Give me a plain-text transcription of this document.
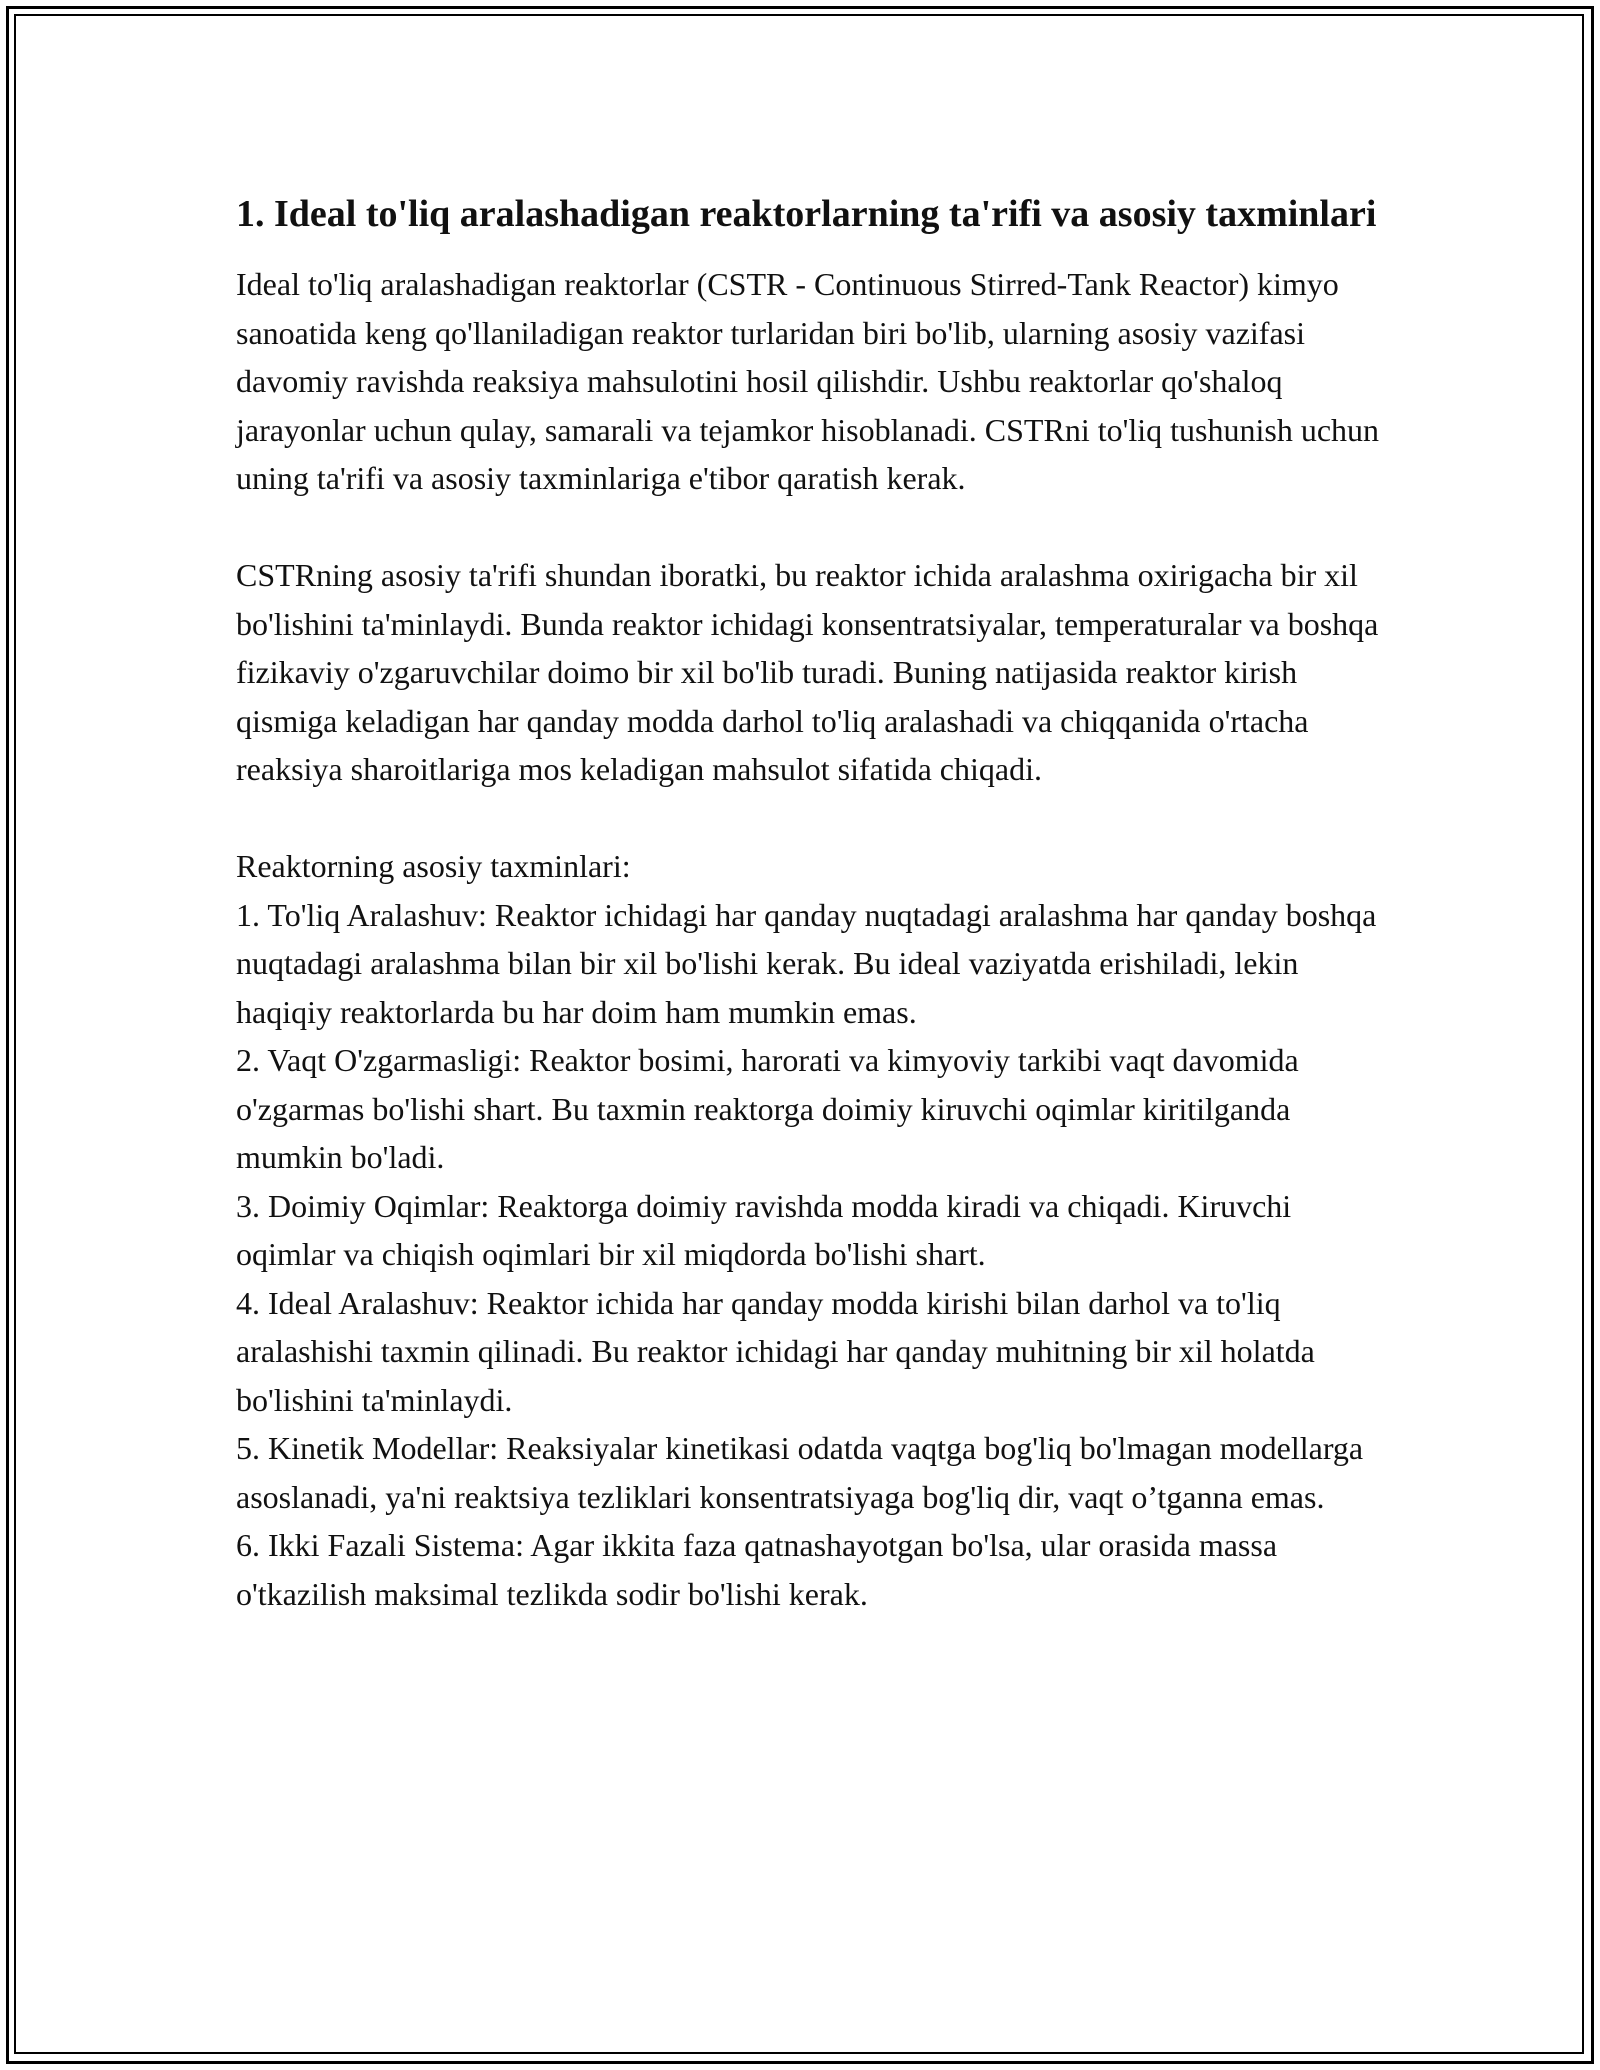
1. Ideal to'liq aralashadigan reaktorlarning ta'rifi va asosiy taxminlari

Ideal to'liq aralashadigan reaktorlar (CSTR - Continuous Stirred-Tank Reactor) kimyo sanoatida keng qo'llaniladigan reaktor turlaridan biri bo'lib, ularning asosiy vazifasi davomiy ravishda reaksiya mahsulotini hosil qilishdir. Ushbu reaktorlar qo'shaloq jarayonlar uchun qulay, samarali va tejamkor hisoblanadi. CSTRni to'liq tushunish uchun uning ta'rifi va asosiy taxminlariga e'tibor qaratish kerak.

CSTRning asosiy ta'rifi shundan iboratki, bu reaktor ichida aralashma oxirigacha bir xil bo'lishini ta'minlaydi. Bunda reaktor ichidagi konsentratsiyalar, temperaturalar va boshqa fizikaviy o'zgaruvchilar doimo bir xil bo'lib turadi. Buning natijasida reaktor kirish qismiga keladigan har qanday modda darhol to'liq aralashadi va chiqqanida o'rtacha reaksiya sharoitlariga mos keladigan mahsulot sifatida chiqadi.

Reaktorning asosiy taxminlari:
1. To'liq Aralashuv: Reaktor ichidagi har qanday nuqtadagi aralashma har qanday boshqa nuqtadagi aralashma bilan bir xil bo'lishi kerak. Bu ideal vaziyatda erishiladi, lekin haqiqiy reaktorlarda bu har doim ham mumkin emas.
2. Vaqt O'zgarmasligi: Reaktor bosimi, harorati va kimyoviy tarkibi vaqt davomida o'zgarmas bo'lishi shart. Bu taxmin reaktorga doimiy kiruvchi oqimlar kiritilganda mumkin bo'ladi.
3. Doimiy Oqimlar: Reaktorga doimiy ravishda modda kiradi va chiqadi. Kiruvchi oqimlar va chiqish oqimlari bir xil miqdorda bo'lishi shart.
4. Ideal Aralashuv: Reaktor ichida har qanday modda kirishi bilan darhol va to'liq aralashishi taxmin qilinadi. Bu reaktor ichidagi har qanday muhitning bir xil holatda bo'lishini ta'minlaydi.
5. Kinetik Modellar: Reaksiyalar kinetikasi odatda vaqtga bog'liq bo'lmagan modellarga asoslanadi, ya'ni reaktsiya tezliklari konsentratsiyaga bog'liq dir, vaqt o’tganna emas.
6. Ikki Fazali Sistema: Agar ikkita faza qatnashayotgan bo'lsa, ular orasida massa o'tkazilish maksimal tezlikda sodir bo'lishi kerak.
